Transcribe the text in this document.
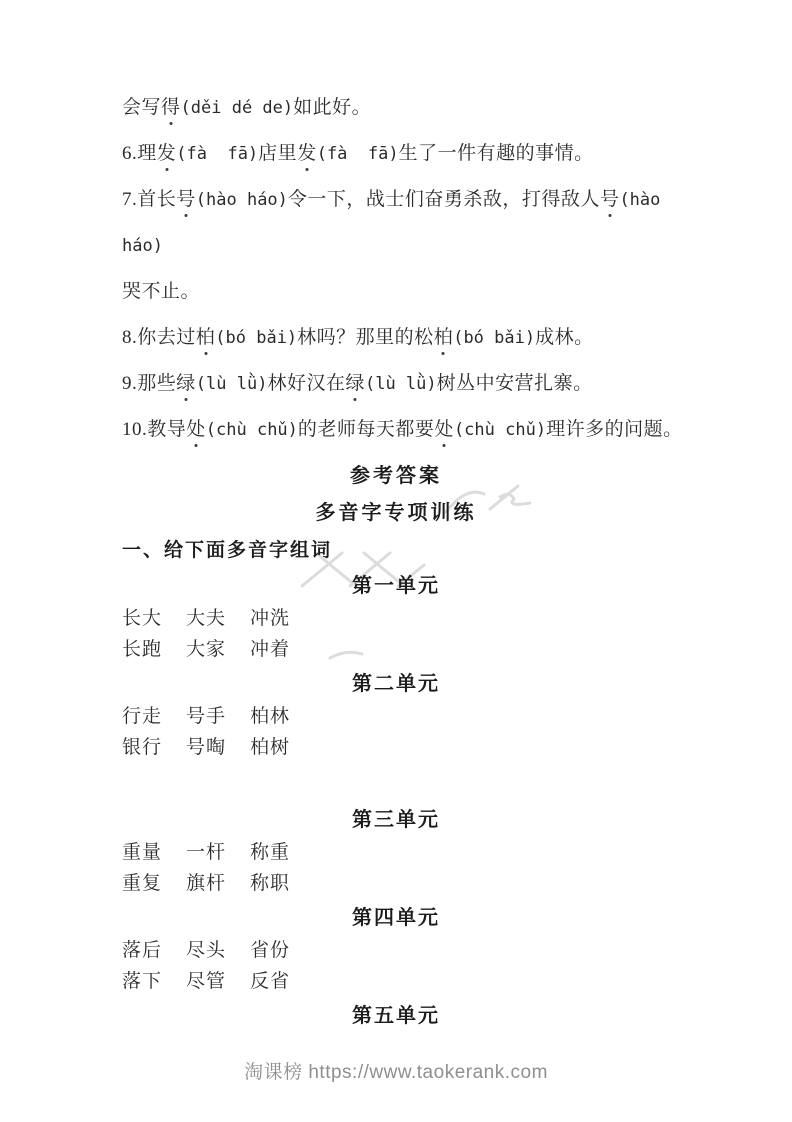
会写得(děi dé de)如此好。
6.理发(fà  fā)店里发(fà  fā)生了一件有趣的事情。
7.首长号(hào háo)令一下，战士们奋勇杀敌，打得敌人号(hào
háo)
哭不止。
8.你去过柏(bó bǎi)林吗？那里的松柏(bó bǎi)成林。
9.那些绿(lù lǜ)林好汉在绿(lù lǜ)树丛中安营扎寨。
10.教导处(chù chǔ)的老师每天都要处(chù chǔ)理许多的问题。
参考答案
多音字专项训练
一、给下面多音字组词
第一单元
长大 大夫 冲洗
长跑 大家 冲着
第二单元
行走 号手 柏林
银行 号啕 柏树
第三单元
重量 一杆 称重
重复 旗杆 称职
第四单元
落后 尽头 省份
落下 尽管 反省
第五单元
淘课榜 https://www.taokerank.com
